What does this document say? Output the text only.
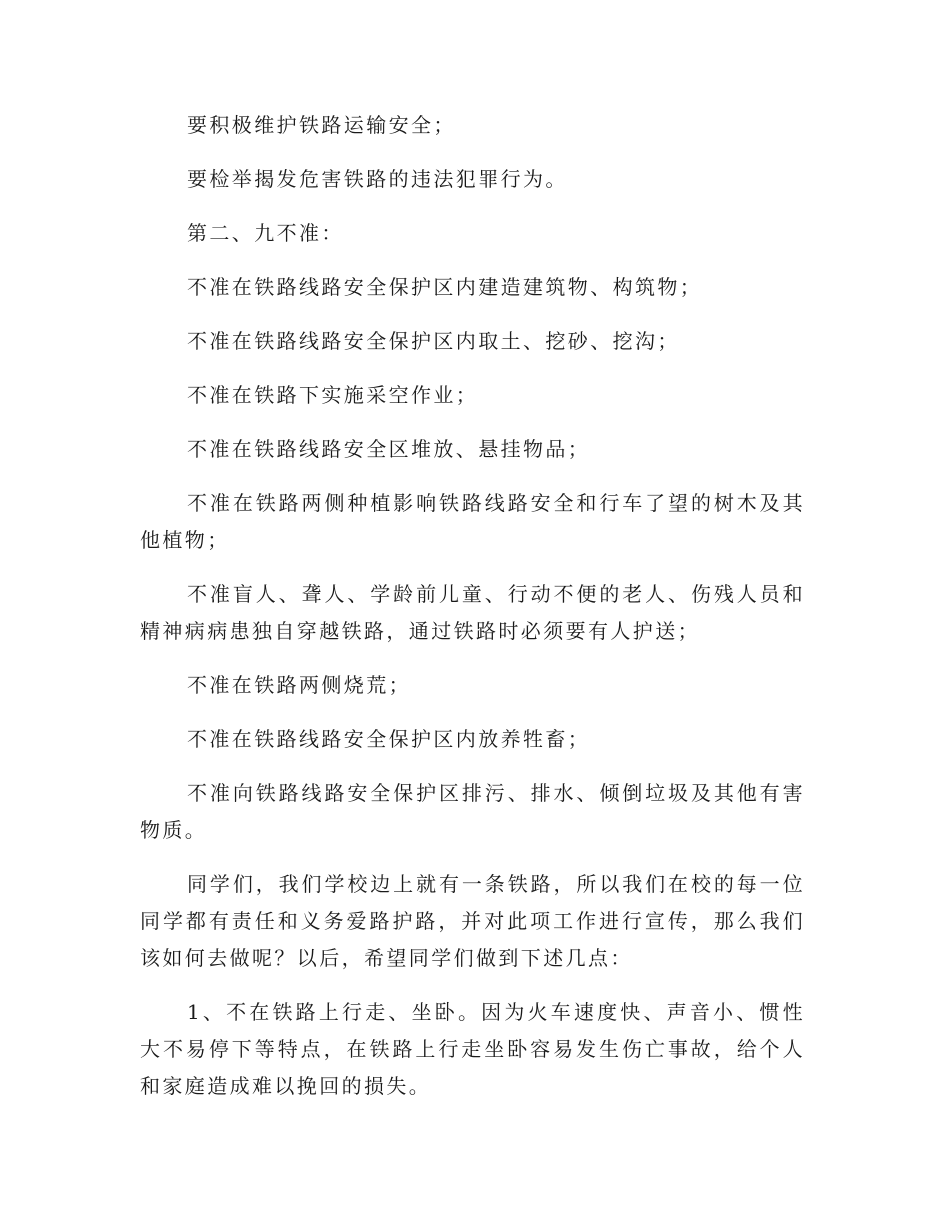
要积极维护铁路运输安全；

要检举揭发危害铁路的违法犯罪行为。

第二、九不准：

不准在铁路线路安全保护区内建造建筑物、构筑物；

不准在铁路线路安全保护区内取土、挖砂、挖沟；

不准在铁路下实施采空作业；

不准在铁路线路安全区堆放、悬挂物品；

不准在铁路两侧种植影响铁路线路安全和行车了望的树木及其他植物；

不准盲人、聋人、学龄前儿童、行动不便的老人、伤残人员和精神病病患独自穿越铁路，通过铁路时必须要有人护送；

不准在铁路两侧烧荒；

不准在铁路线路安全保护区内放养牲畜；

不准向铁路线路安全保护区排污、排水、倾倒垃圾及其他有害物质。

同学们，我们学校边上就有一条铁路，所以我们在校的每一位同学都有责任和义务爱路护路，并对此项工作进行宣传，那么我们该如何去做呢？以后，希望同学们做到下述几点：

1、不在铁路上行走、坐卧。因为火车速度快、声音小、惯性大不易停下等特点，在铁路上行走坐卧容易发生伤亡事故，给个人和家庭造成难以挽回的损失。
